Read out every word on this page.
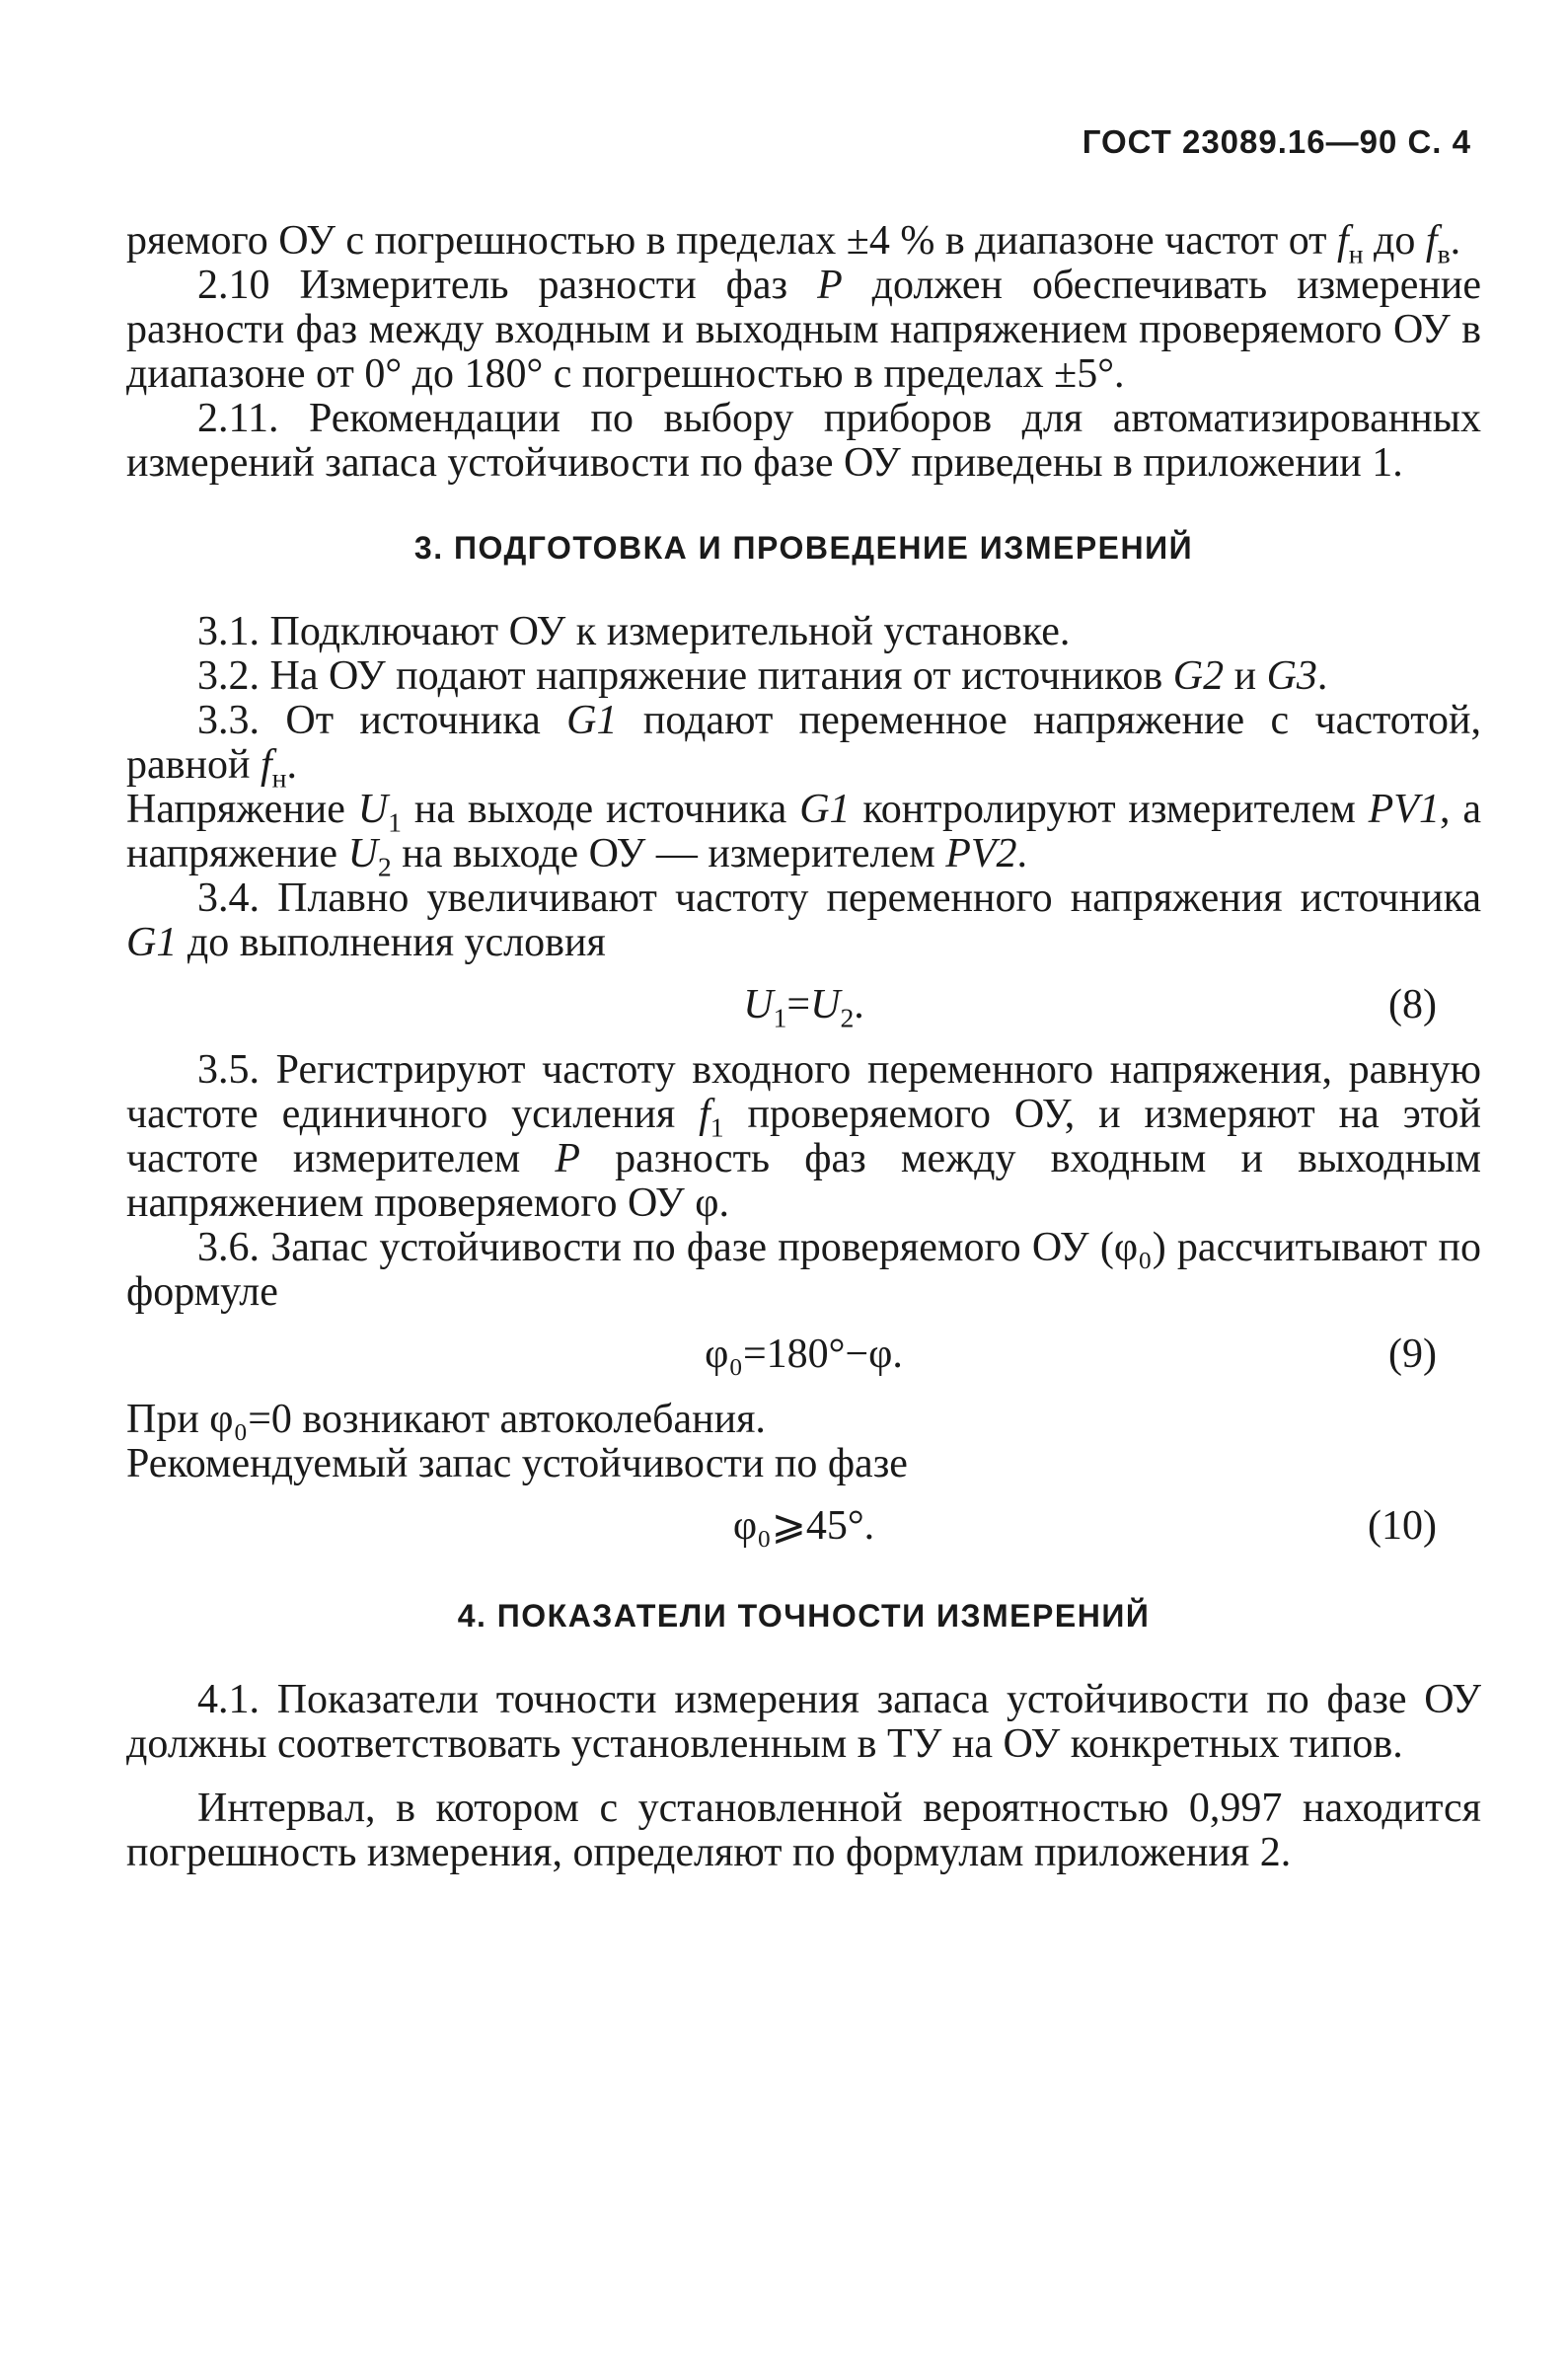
ГОСТ 23089.16—90 С. 4

ряемого ОУ с погрешностью в пределах ±4 % в диапазоне частот от $f_н$ до $f_в$.

2.10 Измеритель разности фаз P должен обеспечивать измерение разности фаз между входным и выходным напряжением проверяемого ОУ в диапазоне от 0° до 180° с погрешностью в пределах ±5°.

2.11. Рекомендации по выбору приборов для автоматизированных измерений запаса устойчивости по фазе ОУ приведены в приложении 1.

3. ПОДГОТОВКА И ПРОВЕДЕНИЕ ИЗМЕРЕНИЙ

3.1. Подключают ОУ к измерительной установке.

3.2. На ОУ подают напряжение питания от источников G2 и G3.

3.3. От источника G1 подают переменное напряжение с частотой, равной $f_н$.

Напряжение $U_1$ на выходе источника G1 контролируют измерителем PV1, а напряжение $U_2$ на выходе ОУ — измерителем PV2.

3.4. Плавно увеличивают частоту переменного напряжения источника G1 до выполнения условия

$U_1=U_2$.	(8)

3.5. Регистрируют частоту входного переменного напряжения, равную частоте единичного усиления $f_1$ проверяемого ОУ, и измеряют на этой частоте измерителем P разность фаз между входным и выходным напряжением проверяемого ОУ φ.

3.6. Запас устойчивости по фазе проверяемого ОУ (φ₀) рассчитывают по формуле

φ₀=180°−φ.	(9)

При φ₀=0 возникают автоколебания.

Рекомендуемый запас устойчивости по фазе

φ₀⩾45°.	(10)
4. ПОКАЗАТЕЛИ ТОЧНОСТИ ИЗМЕРЕНИЙ

4.1. Показатели точности измерения запаса устойчивости по фазе ОУ должны соответствовать установленным в ТУ на ОУ конкретных типов.

Интервал, в котором с установленной вероятностью 0,997 находится погрешность измерения, определяют по формулам приложения 2.
